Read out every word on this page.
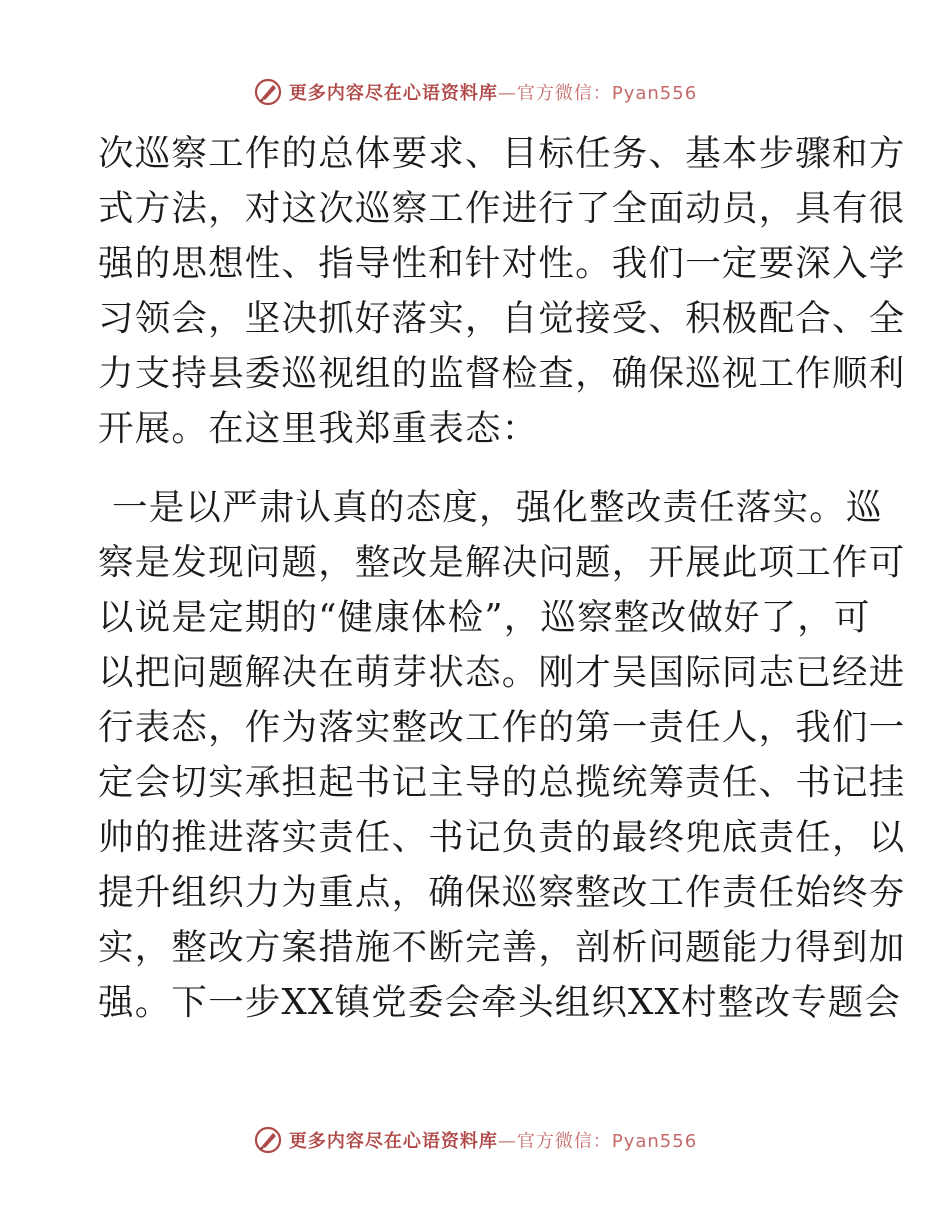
更多内容尽在心语资料库—官方微信：Pyan556
次巡察工作的总体要求、目标任务、基本步骤和方
式方法，对这次巡察工作进行了全面动员，具有很
强的思想性、指导性和针对性。我们一定要深入学
习领会，坚决抓好落实，自觉接受、积极配合、全
力支持县委巡视组的监督检查，确保巡视工作顺利
开展。在这里我郑重表态：
一是以严肃认真的态度，强化整改责任落实。巡
察是发现问题，整改是解决问题，开展此项工作可
以说是定期的“健康体检”，巡察整改做好了，可
以把问题解决在萌芽状态。刚才吴国际同志已经进
行表态，作为落实整改工作的第一责任人，我们一
定会切实承担起书记主导的总揽统筹责任、书记挂
帅的推进落实责任、书记负责的最终兜底责任，以
提升组织力为重点，确保巡察整改工作责任始终夯
实，整改方案措施不断完善，剖析问题能力得到加
强。下一步XX镇党委会牵头组织XX村整改专题会
更多内容尽在心语资料库—官方微信：Pyan556
